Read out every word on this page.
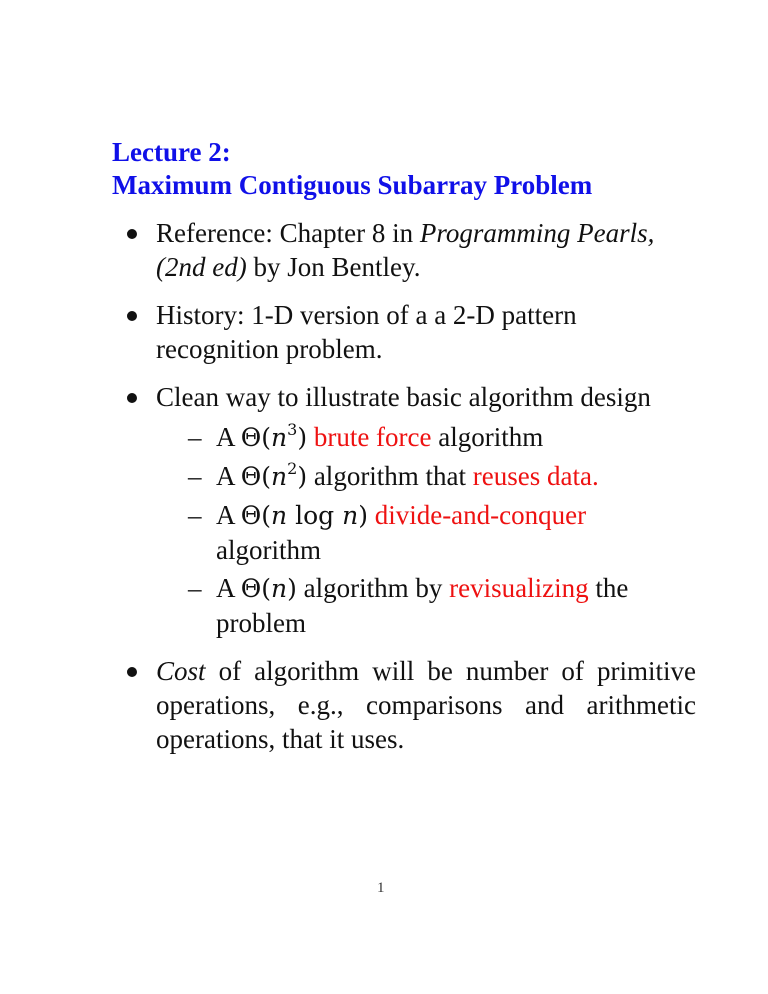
Lecture 2:
Maximum Contiguous Subarray Problem
Reference: Chapter 8 in Programming Pearls, (2nd ed) by Jon Bentley.
History: 1-D version of a a 2-D pattern recognition problem.
Clean way to illustrate basic algorithm design
– A $\Theta(n^3)$ brute force algorithm
– A $\Theta(n^2)$ algorithm that reuses data.
– A Θ(n log n) divide-and-conquer algorithm
– A Θ(n) algorithm by revisualizing the problem
Cost of algorithm will be number of primitive operations, e.g., comparisons and arithmetic operations, that it uses.
1
